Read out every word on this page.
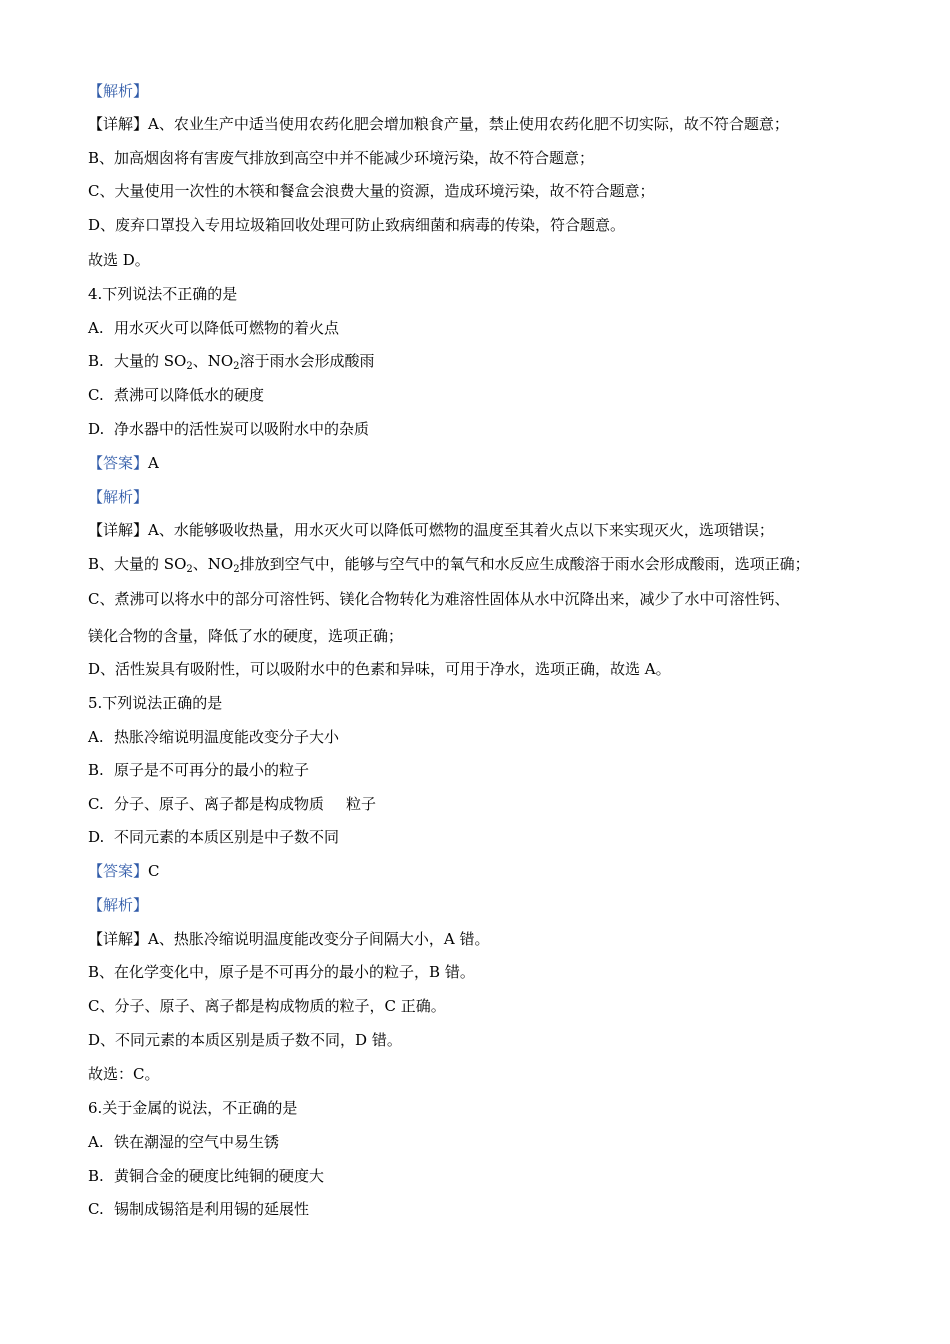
【解析】
【详解】A、农业生产中适当使用农药化肥会增加粮食产量，禁止使用农药化肥不切实际，故不符合题意；
B、加高烟囱将有害废气排放到高空中并不能减少环境污染，故不符合题意；
C、大量使用一次性的木筷和餐盒会浪费大量的资源，造成环境污染，故不符合题意；
D、废弃口罩投入专用垃圾箱回收处理可防止致病细菌和病毒的传染，符合题意。
故选 D。
4.下列说法不正确的是
A. 用水灭火可以降低可燃物的着火点
B. 大量的 $SO_2$、$NO_2$溶于雨水会形成酸雨
C. 煮沸可以降低水的硬度
D. 净水器中的活性炭可以吸附水中的杂质
【答案】A
【解析】
【详解】A、水能够吸收热量，用水灭火可以降低可燃物的温度至其着火点以下来实现灭火，选项错误；
B、大量的 $SO_2$、$NO_2$排放到空气中，能够与空气中的氧气和水反应生成酸溶于雨水会形成酸雨，选项正确；
C、煮沸可以将水中的部分可溶性钙、镁化合物转化为难溶性固体从水中沉降出来，减少了水中可溶性钙、
镁化合物的含量，降低了水的硬度，选项正确；
D、活性炭具有吸附性，可以吸附水中的色素和异味，可用于净水，选项正确，故选 A。
5.下列说法正确的是
A. 热胀冷缩说明温度能改变分子大小
B. 原子是不可再分的最小的粒子
C. 分子、原子、离子都是构成物质 粒子
D. 不同元素的本质区别是中子数不同
【答案】C
【解析】
【详解】A、热胀冷缩说明温度能改变分子间隔大小，A 错。
B、在化学变化中，原子是不可再分的最小的粒子，B 错。
C、分子、原子、离子都是构成物质的粒子，C 正确。
D、不同元素的本质区别是质子数不同，D 错。
故选：C。
6.关于金属的说法，不正确的是
A. 铁在潮湿的空气中易生锈
B. 黄铜合金的硬度比纯铜的硬度大
C. 锡制成锡箔是利用锡的延展性
